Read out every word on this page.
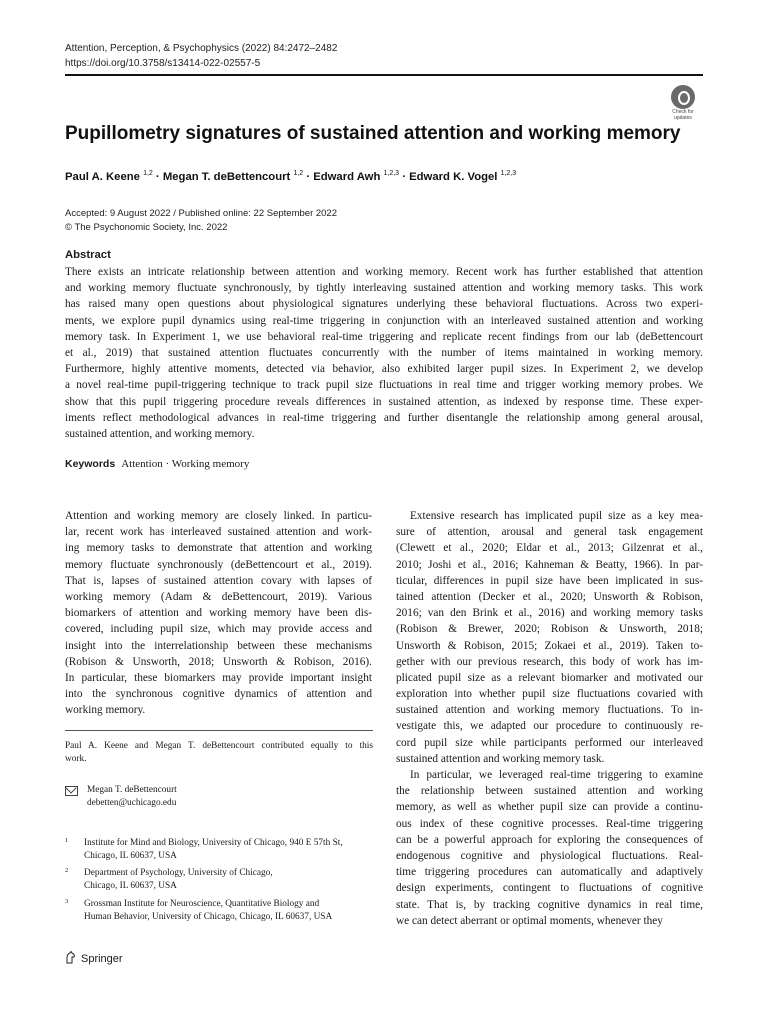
Attention, Perception, & Psychophysics (2022) 84:2472–2482
https://doi.org/10.3758/s13414-022-02557-5
Check for
updates
Pupillometry signatures of sustained attention and working memory
Paul A. Keene $^{1,2}$ · Megan T. deBettencourt $^{1,2}$ · Edward Awh $^{1,2,3}$ · Edward K. Vogel $^{1,2,3}$
Accepted: 9 August 2022 / Published online: 22 September 2022
© The Psychonomic Society, Inc. 2022
Abstract
There exists an intricate relationship between attention and working memory. Recent work has further established that attention
and working memory fluctuate synchronously, by tightly interleaving sustained attention and working memory tasks. This work
has raised many open questions about physiological signatures underlying these behavioral fluctuations. Across two experi-
ments, we explore pupil dynamics using real-time triggering in conjunction with an interleaved sustained attention and working
memory task. In Experiment 1, we use behavioral real-time triggering and replicate recent findings from our lab (deBettencourt
et al., 2019) that sustained attention fluctuates concurrently with the number of items maintained in working memory.
Furthermore, highly attentive moments, detected via behavior, also exhibited larger pupil sizes. In Experiment 2, we develop
a novel real-time pupil-triggering technique to track pupil size fluctuations in real time and trigger working memory probes. We
show that this pupil triggering procedure reveals differences in sustained attention, as indexed by response time. These exper-
iments reflect methodological advances in real-time triggering and further disentangle the relationship among general arousal,
sustained attention, and working memory.
Keywords Attention · Working memory
Attention and working memory are closely linked. In particu-
lar, recent work has interleaved sustained attention and work-
ing memory tasks to demonstrate that attention and working
memory fluctuate synchronously (deBettencourt et al., 2019).
That is, lapses of sustained attention covary with lapses of
working memory (Adam & deBettencourt, 2019). Various
biomarkers of attention and working memory have been dis-
covered, including pupil size, which may provide access and
insight into the interrelationship between these mechanisms
(Robison & Unsworth, 2018; Unsworth & Robison, 2016).
In particular, these biomarkers may provide important insight
into the synchronous cognitive dynamics of attention and
working memory.
Extensive research has implicated pupil size as a key mea-
sure of attention, arousal and general task engagement
(Clewett et al., 2020; Eldar et al., 2013; Gilzenrat et al.,
2010; Joshi et al., 2016; Kahneman & Beatty, 1966). In par-
ticular, differences in pupil size have been implicated in sus-
tained attention (Decker et al., 2020; Unsworth & Robison,
2016; van den Brink et al., 2016) and working memory tasks
(Robison & Brewer, 2020; Robison & Unsworth, 2018;
Unsworth & Robison, 2015; Zokaei et al., 2019). Taken to-
gether with our previous research, this body of work has im-
plicated pupil size as a relevant biomarker and motivated our
exploration into whether pupil size fluctuations covaried with
sustained attention and working memory fluctuations. To in-
vestigate this, we adapted our procedure to continuously re-
cord pupil size while participants performed our interleaved
sustained attention and working memory task.
In particular, we leveraged real-time triggering to examine
the relationship between sustained attention and working
memory, as well as whether pupil size can provide a continu-
ous index of these cognitive processes. Real-time triggering
can be a powerful approach for exploring the consequences of
endogenous cognitive and physiological fluctuations. Real-
time triggering procedures can automatically and adaptively
design experiments, contingent to fluctuations of cognitive
state. That is, by tracking cognitive dynamics in real time,
we can detect aberrant or optimal moments, whenever they
Paul A. Keene and Megan T. deBettencourt contributed equally to this
work.
Megan T. deBettencourt
debetten@uchicago.edu
1 Institute for Mind and Biology, University of Chicago, 940 E 57th St,
Chicago, IL 60637, USA
2 Department of Psychology, University of Chicago,
Chicago, IL 60637, USA
3 Grossman Institute for Neuroscience, Quantitative Biology and
Human Behavior, University of Chicago, Chicago, IL 60637, USA
Springer
